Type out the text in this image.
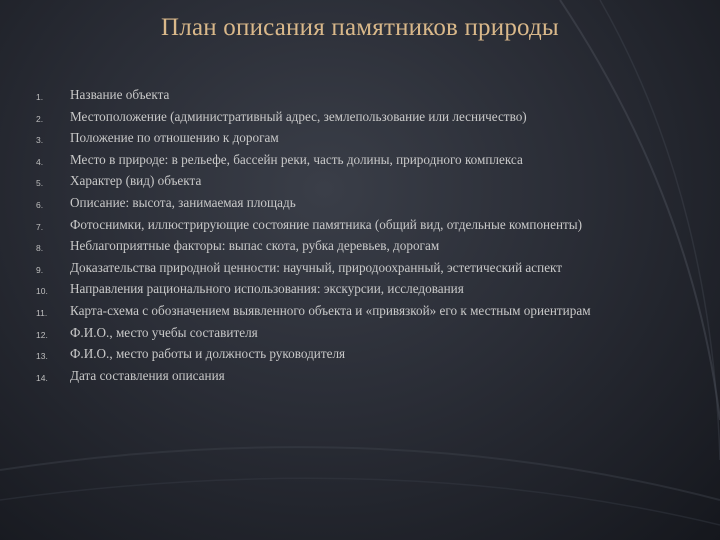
План описания памятников природы
1.	Название объекта
2.	Местоположение (административный адрес, землепользование или лесничество)
3.	Положение по отношению к дорогам
4.	Место в природе: в рельефе, бассейн реки, часть долины, природного комплекса
5.	Характер (вид) объекта
6.	Описание: высота, занимаемая площадь
7.	Фотоснимки, иллюстрирующие состояние памятника (общий вид, отдельные компоненты)
8.	Неблагоприятные факторы: выпас скота, рубка деревьев, дорогам
9.	Доказательства природной ценности: научный, природоохранный, эстетический аспект
10.	Направления рационального использования: экскурсии, исследования
11.	Карта-схема с обозначением выявленного объекта и «привязкой» его к местным ориентирам
12.	Ф.И.О., место учебы составителя
13.	Ф.И.О., место работы и должность руководителя
14.	Дата составления описания
